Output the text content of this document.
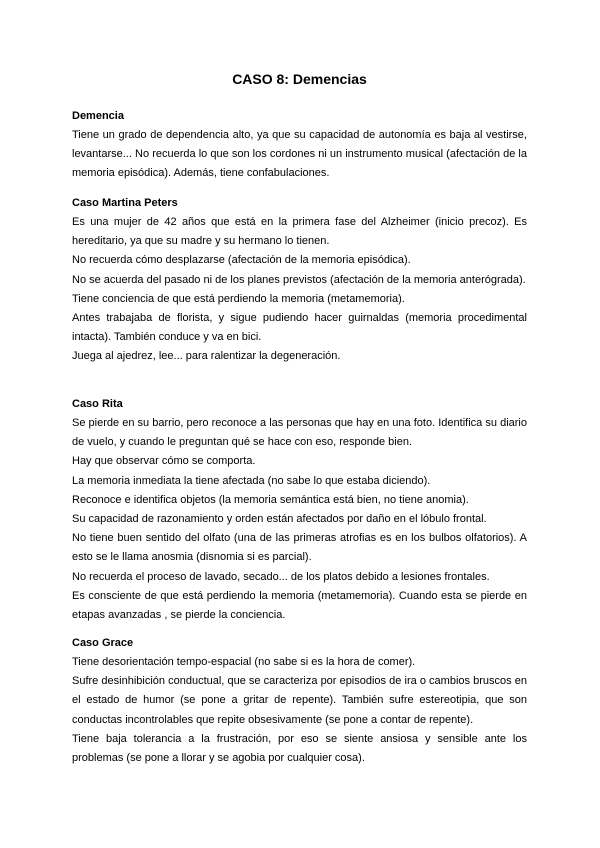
CASO 8: Demencias
Demencia

Tiene un grado de dependencia alto, ya que su capacidad de autonomía es baja al vestirse, levantarse... No recuerda lo que son los cordones ni un instrumento musical (afectación de la memoria episódica). Además, tiene confabulaciones.

Caso Martina Peters

Es una mujer de 42 años que está en la primera fase del Alzheimer (inicio precoz). Es hereditario, ya que su madre y su hermano lo tienen.

No recuerda cómo desplazarse (afectación de la memoria episódica).

No se acuerda del pasado ni de los planes previstos (afectación de la memoria anterógrada).

Tiene conciencia de que está perdiendo la memoria (metamemoria).

Antes trabajaba de florista, y sigue pudiendo hacer guirnaldas (memoria procedimental intacta). También conduce y va en bici.

Juega al ajedrez, lee... para ralentizar la degeneración.

Caso Rita

Se pierde en su barrio, pero reconoce a las personas que hay en una foto. Identifica su diario de vuelo, y cuando le preguntan qué se hace con eso, responde bien.

Hay que observar cómo se comporta.

La memoria inmediata la tiene afectada (no sabe lo que estaba diciendo).

Reconoce e identifica objetos (la memoria semántica está bien, no tiene anomia).

Su capacidad de razonamiento y orden están afectados por daño en el lóbulo frontal.

No tiene buen sentido del olfato (una de las primeras atrofias es en los bulbos olfatorios). A esto se le llama anosmia (disnomia si es parcial).

No recuerda el proceso de lavado, secado... de los platos debido a lesiones frontales.

Es consciente de que está perdiendo la memoria (metamemoria). Cuando esta se pierde en etapas avanzadas , se pierde la conciencia.

Caso Grace

Tiene desorientación tempo-espacial (no sabe si es la hora de comer).

Sufre desinhibición conductual, que se caracteriza por episodios de ira o cambios bruscos en el estado de humor (se pone a gritar de repente). También sufre estereotipia, que son conductas incontrolables que repite obsesivamente (se pone a contar de repente).

Tiene baja tolerancia a la frustración, por eso se siente ansiosa y sensible ante los problemas (se pone a llorar y se agobia por cualquier cosa).
